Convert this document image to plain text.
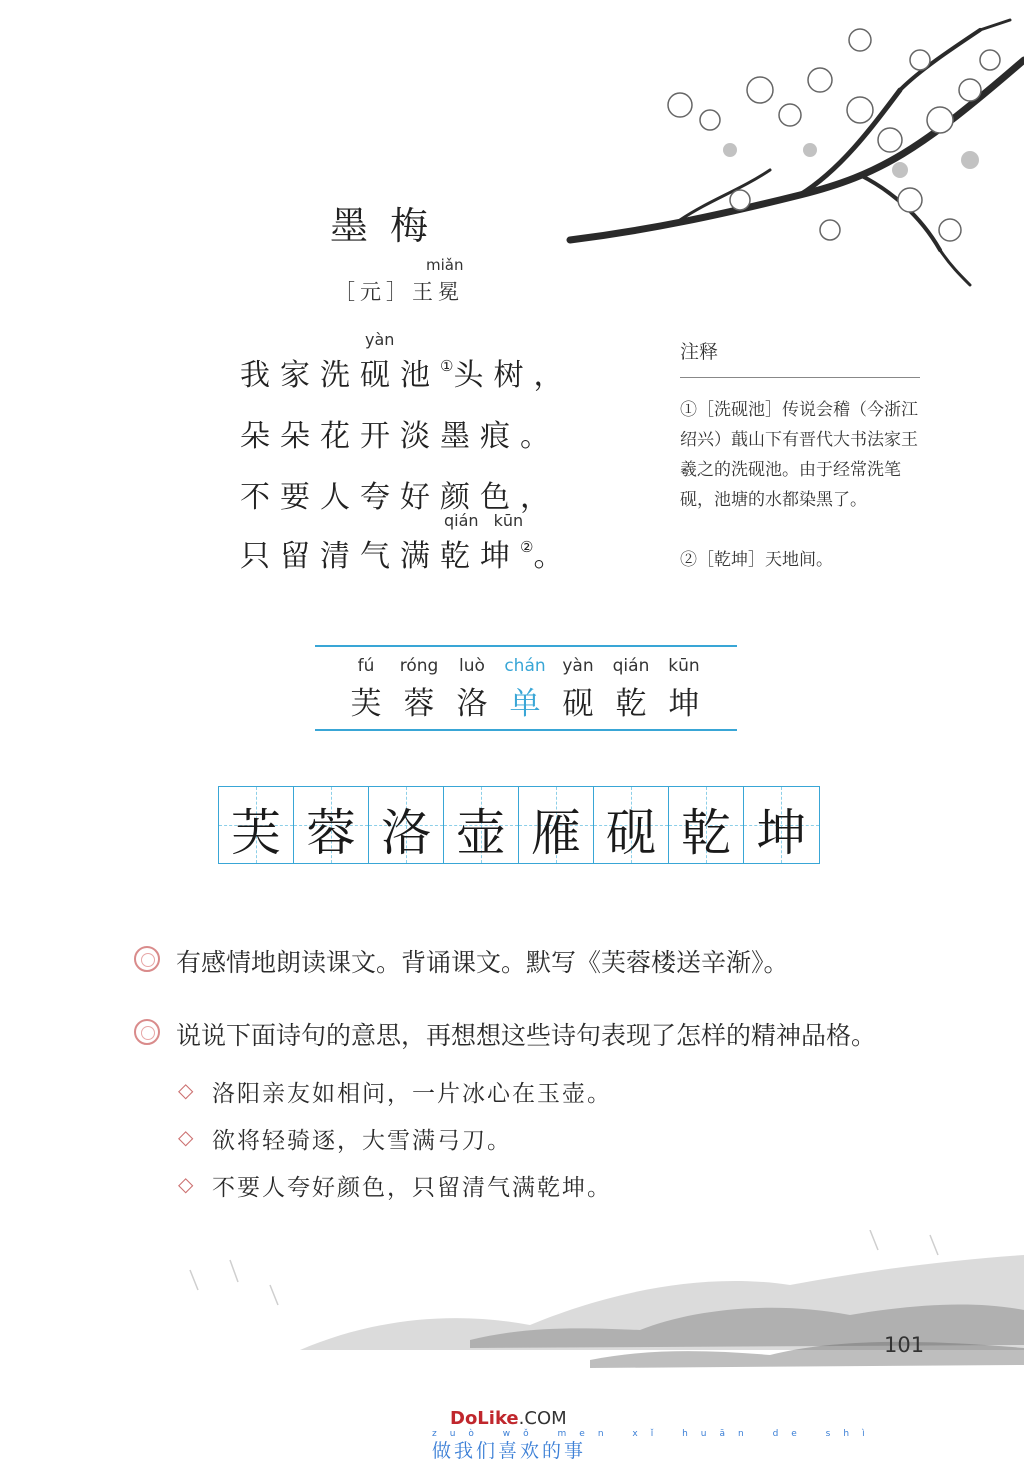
墨梅
miǎn
［元］王冕
yàn
我家洗砚池①头树，
朵朵花开淡墨痕。
不要人夸好颜色，
qián kūn
只留清气满乾坤②。
注释
①［洗砚池］传说会稽（今浙江绍兴）蕺山下有晋代大书法家王羲之的洗砚池。由于经常洗笔砚，池塘的水都染黑了。
②［乾坤］天地间。
fú
芙
róng
蓉
luò
洛
chán
单
yàn
砚
qián
乾
kūn
坤
芙 蓉 洛 壶 雁 砚 乾 坤
有感情地朗读课文。背诵课文。默写《芙蓉楼送辛渐》。
说说下面诗句的意思，再想想这些诗句表现了怎样的精神品格。
◇ 洛阳亲友如相问，一片冰心在玉壶。
◇ 欲将轻骑逐，大雪满弓刀。
◇ 不要人夸好颜色，只留清气满乾坤。
101
DoLike.COM
zuò wǒ men xǐ huān de shì
做我们喜欢的事
